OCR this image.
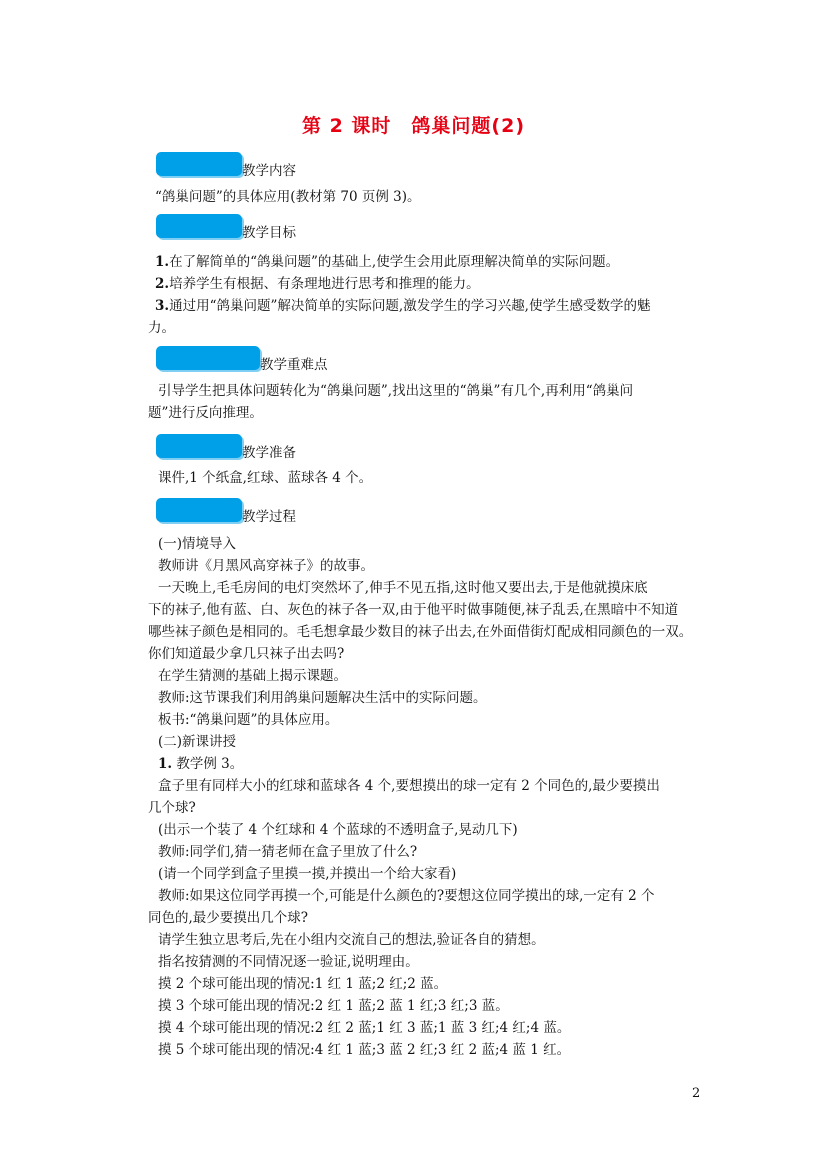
第 2 课时　鸽巢问题(2)
教学内容

“鸽巢问题”的具体应用(教材第 70 页例 3)。

教学目标

1.在了解简单的“鸽巢问题”的基础上,使学生会用此原理解决简单的实际问题。

2.培养学生有根据、有条理地进行思考和推理的能力。

3.通过用“鸽巢问题”解决简单的实际问题,激发学生的学习兴趣,使学生感受数学的魅

力。

教学重难点

引导学生把具体问题转化为“鸽巢问题”,找出这里的“鸽巢”有几个,再利用“鸽巢问

题”进行反向推理。

教学准备

课件,1 个纸盒,红球、蓝球各 4 个。

教学过程

(一)情境导入

教师讲《月黑风高穿袜子》的故事。

一天晚上,毛毛房间的电灯突然坏了,伸手不见五指,这时他又要出去,于是他就摸床底

下的袜子,他有蓝、白、灰色的袜子各一双,由于他平时做事随便,袜子乱丢,在黑暗中不知道

哪些袜子颜色是相同的。毛毛想拿最少数目的袜子出去,在外面借街灯配成相同颜色的一双。

你们知道最少拿几只袜子出去吗?

在学生猜测的基础上揭示课题。

教师:这节课我们利用鸽巢问题解决生活中的实际问题。

板书:“鸽巢问题”的具体应用。

(二)新课讲授

1. 教学例 3。

盒子里有同样大小的红球和蓝球各 4 个,要想摸出的球一定有 2 个同色的,最少要摸出

几个球?

(出示一个装了 4 个红球和 4 个蓝球的不透明盒子,晃动几下)

教师:同学们,猜一猜老师在盒子里放了什么?

(请一个同学到盒子里摸一摸,并摸出一个给大家看)

教师:如果这位同学再摸一个,可能是什么颜色的?要想这位同学摸出的球,一定有 2 个

同色的,最少要摸出几个球?

请学生独立思考后,先在小组内交流自己的想法,验证各自的猜想。

指名按猜测的不同情况逐一验证,说明理由。

摸 2 个球可能出现的情况:1 红 1 蓝;2 红;2 蓝。

摸 3 个球可能出现的情况:2 红 1 蓝;2 蓝 1 红;3 红;3 蓝。

摸 4 个球可能出现的情况:2 红 2 蓝;1 红 3 蓝;1 蓝 3 红;4 红;4 蓝。

摸 5 个球可能出现的情况:4 红 1 蓝;3 蓝 2 红;3 红 2 蓝;4 蓝 1 红。

2
